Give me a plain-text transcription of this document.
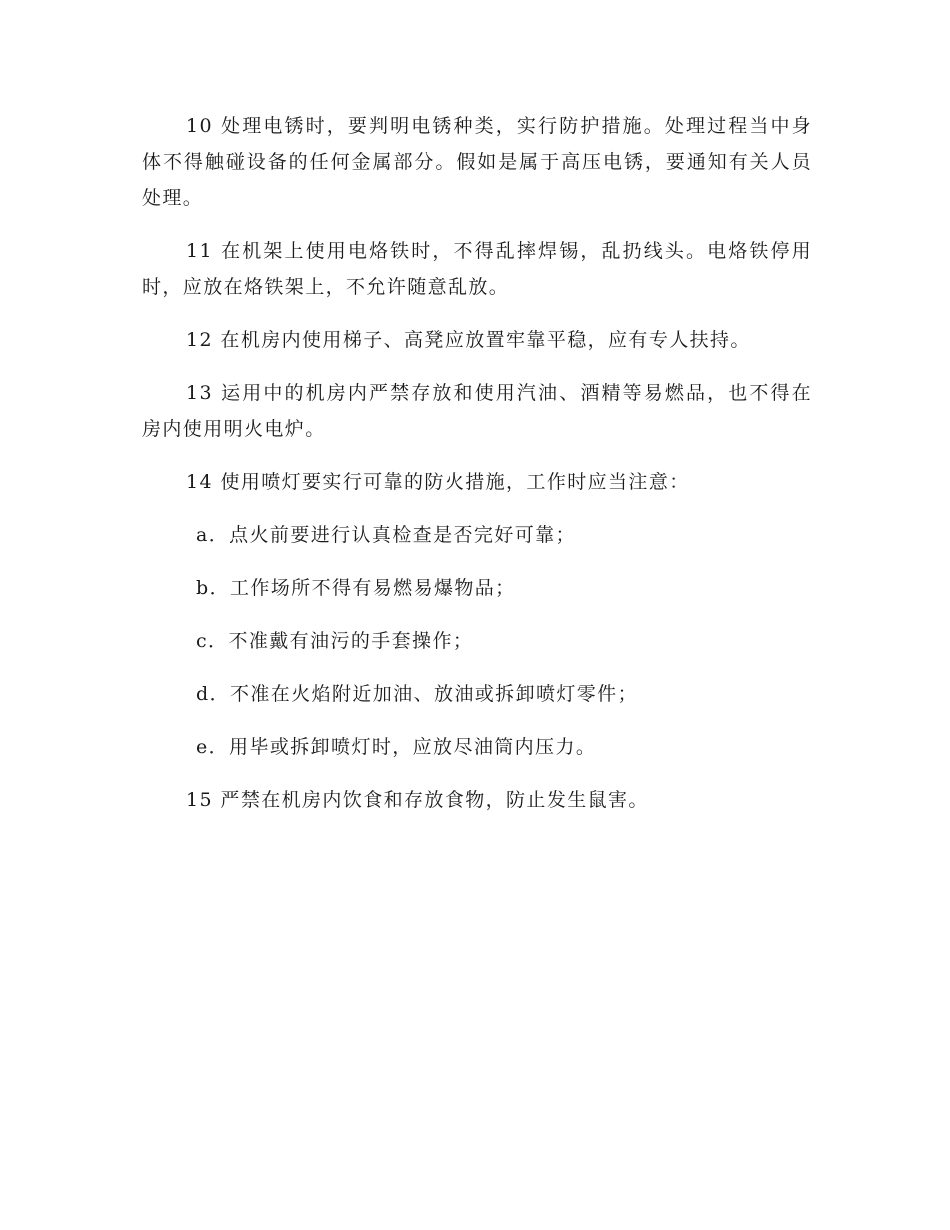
10 处理电锈时，要判明电锈种类，实行防护措施。处理过程当中身体不得触碰设备的任何金属部分。假如是属于高压电锈，要通知有关人员处理。

11 在机架上使用电烙铁时，不得乱摔焊锡，乱扔线头。电烙铁停用时，应放在烙铁架上，不允许随意乱放。

12 在机房内使用梯子、高凳应放置牢靠平稳，应有专人扶持。

13 运用中的机房内严禁存放和使用汽油、酒精等易燃品，也不得在房内使用明火电炉。

14 使用喷灯要实行可靠的防火措施，工作时应当注意：

a．点火前要进行认真检查是否完好可靠；

b．工作场所不得有易燃易爆物品；

c．不准戴有油污的手套操作；

d．不准在火焰附近加油、放油或拆卸喷灯零件；

e．用毕或拆卸喷灯时，应放尽油筒内压力。

15 严禁在机房内饮食和存放食物，防止发生鼠害。
